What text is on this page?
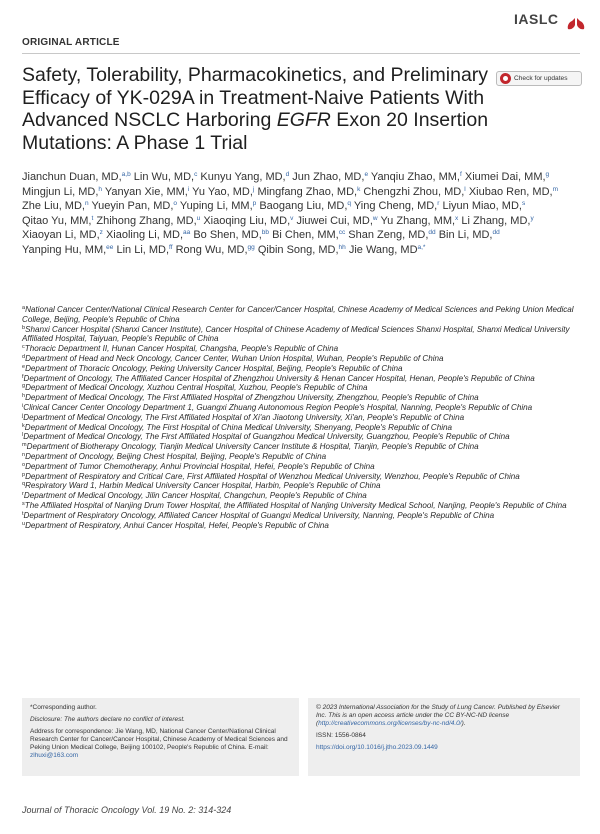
IASLC
ORIGINAL ARTICLE
Safety, Tolerability, Pharmacokinetics, and Preliminary Efficacy of YK-029A in Treatment-Naive Patients With Advanced NSCLC Harboring EGFR Exon 20 Insertion Mutations: A Phase 1 Trial
Check for updates
Jianchun Duan, MD,$^{a,b}$ Lin Wu, MD,$^c$ Kunyu Yang, MD,$^d$ Jun Zhao, MD,$^e$ Yanqiu Zhao, MM,$^f$ Xiumei Dai, MM,$^g$ Mingjun Li, MD,$^h$ Yanyan Xie, MM,$^i$ Yu Yao, MD,$^j$ Mingfang Zhao, MD,$^k$ Chengzhi Zhou, MD,$^l$ Xiubao Ren, MD,$^m$ Zhe Liu, MD,$^n$ Yueyin Pan, MD,$^o$ Yuping Li, MM,$^p$ Baogang Liu, MD,$^q$ Ying Cheng, MD,$^r$ Liyun Miao, MD,$^s$ Qitao Yu, MM,$^t$ Zhihong Zhang, MD,$^u$ Xiaoqing Liu, MD,$^v$ Jiuwei Cui, MD,$^w$ Yu Zhang, MM,$^x$ Li Zhang, MD,$^y$ Xiaoyan Li, MD,$^z$ Xiaoling Li, MD,$^{aa}$ Bo Shen, MD,$^{bb}$ Bi Chen, MM,$^{cc}$ Shan Zeng, MD,$^{dd}$ Bin Li, MD,$^{dd}$ Yanping Hu, MM,$^{ee}$ Lin Li, MD,$^{ff}$ Rong Wu, MD,$^{gg}$ Qibin Song, MD,$^{hh}$ Jie Wang, $MD^{a,*}$
$^a$National Cancer Center/National Clinical Research Center for Cancer/Cancer Hospital, Chinese Academy of Medical Sciences and Peking Union Medical College, Beijing, People's Republic of China
$^b$Shanxi Cancer Hospital (Shanxi Cancer Institute), Cancer Hospital of Chinese Academy of Medical Sciences Shanxi Hospital, Shanxi Medical University Affiliated Hospital, Taiyuan, People's Republic of China
$^c$Thoracic Department II, Hunan Cancer Hospital, Changsha, People's Republic of China
$^d$Department of Head and Neck Oncology, Cancer Center, Wuhan Union Hospital, Wuhan, People's Republic of China
$^e$Department of Thoracic Oncology, Peking University Cancer Hospital, Beijing, People's Republic of China
$^f$Department of Oncology, The Affiliated Cancer Hospital of Zhengzhou University & Henan Cancer Hospital, Henan, People's Republic of China
$^g$Department of Medical Oncology, Xuzhou Central Hospital, Xuzhou, People's Republic of China
$^h$Department of Medical Oncology, The First Affiliated Hospital of Zhengzhou University, Zhengzhou, People's Republic of China
$^i$Clinical Cancer Center Oncology Department 1, Guangxi Zhuang Autonomous Region People's Hospital, Nanning, People's Republic of China
$^j$Department of Medical Oncology, The First Affiliated Hospital of Xi'an Jiaotong University, Xi'an, People's Republic of China
$^k$Department of Medical Oncology, The First Hospital of China Medical University, Shenyang, People's Republic of China
$^l$Department of Medical Oncology, The First Affiliated Hospital of Guangzhou Medical University, Guangzhou, People's Republic of China
$^m$Department of Biotherapy Oncology, Tianjin Medical University Cancer Institute & Hospital, Tianjin, People's Republic of China
$^n$Department of Oncology, Beijing Chest Hospital, Beijing, People's Republic of China
$^o$Department of Tumor Chemotherapy, Anhui Provincial Hospital, Hefei, People's Republic of China
$^p$Department of Respiratory and Critical Care, First Affiliated Hospital of Wenzhou Medical University, Wenzhou, People's Republic of China
$^q$Respiratory Ward 1, Harbin Medical University Cancer Hospital, Harbin, People's Republic of China
$^r$Department of Medical Oncology, Jilin Cancer Hospital, Changchun, People's Republic of China
$^s$The Affiliated Hospital of Nanjing Drum Tower Hospital, the Affiliated Hospital of Nanjing University Medical School, Nanjing, People's Republic of China
$^t$Department of Respiratory Oncology, Affiliated Cancer Hospital of Guangxi Medical University, Nanning, People's Republic of China
$^u$Department of Respiratory, Anhui Cancer Hospital, Hefei, People's Republic of China

*Corresponding author.

Disclosure: The authors declare no conflict of interest.

Address for correspondence: Jie Wang, MD, National Cancer Center/National Clinical Research Center for Cancer/Cancer Hospital, Chinese Academy of Medical Sciences and Peking Union Medical College, Beijing 100102, People's Republic of China. E-mail: zlhuxi@163.com

© 2023 International Association for the Study of Lung Cancer. Published by Elsevier Inc. This is an open access article under the CC BY-NC-ND license (http://creativecommons.org/licenses/by-nc-nd/4.0/).

ISSN: 1556-0864

https://doi.org/10.1016/j.jtho.2023.09.1449

Journal of Thoracic Oncology Vol. 19 No. 2: 314-324
